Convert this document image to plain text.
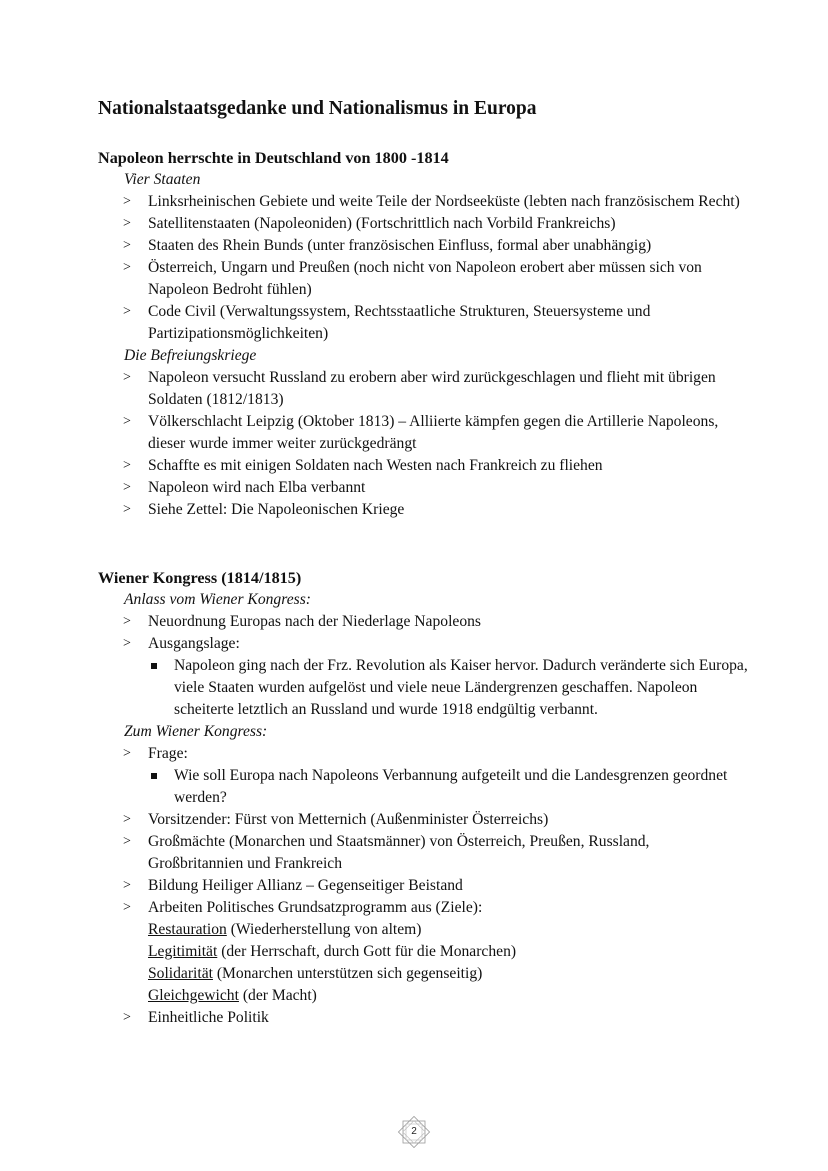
Nationalstaatsgedanke und Nationalismus in Europa
Napoleon herrschte in Deutschland von 1800 -1814
Vier Staaten
> Linksrheinischen Gebiete und weite Teile der Nordseeküste (lebten nach französischem Recht)
> Satellitenstaaten (Napoleoniden) (Fortschrittlich nach Vorbild Frankreichs)
> Staaten des Rhein Bunds (unter französischen Einfluss, formal aber unabhängig)
> Österreich, Ungarn und Preußen (noch nicht von Napoleon erobert aber müssen sich von Napoleon Bedroht fühlen)
> Code Civil (Verwaltungssystem, Rechtsstaatliche Strukturen, Steuersysteme und Partizipationsmöglichkeiten)
Die Befreiungskriege
> Napoleon versucht Russland zu erobern aber wird zurückgeschlagen und flieht mit übrigen Soldaten (1812/1813)
> Völkerschlacht Leipzig (Oktober 1813) – Alliierte kämpfen gegen die Artillerie Napoleons, dieser wurde immer weiter zurückgedrängt
> Schaffte es mit einigen Soldaten nach Westen nach Frankreich zu fliehen
> Napoleon wird nach Elba verbannt
> Siehe Zettel: Die Napoleonischen Kriege
Wiener Kongress (1814/1815)
Anlass vom Wiener Kongress:
> Neuordnung Europas nach der Niederlage Napoleons
> Ausgangslage:
Napoleon ging nach der Frz. Revolution als Kaiser hervor. Dadurch veränderte sich Europa, viele Staaten wurden aufgelöst und viele neue Ländergrenzen geschaffen. Napoleon scheiterte letztlich an Russland und wurde 1918 endgültig verbannt.
Zum Wiener Kongress:
> Frage:
Wie soll Europa nach Napoleons Verbannung aufgeteilt und die Landesgrenzen geordnet werden?
> Vorsitzender: Fürst von Metternich (Außenminister Österreichs)
> Großmächte (Monarchen und Staatsmänner) von Österreich, Preußen, Russland, Großbritannien und Frankreich
> Bildung Heiliger Allianz – Gegenseitiger Beistand
> Arbeiten Politisches Grundsatzprogramm aus (Ziele):
Restauration (Wiederherstellung von altem)
Legitimität (der Herrschaft, durch Gott für die Monarchen)
Solidarität (Monarchen unterstützen sich gegenseitig)
Gleichgewicht (der Macht)
> Einheitliche Politik
2
